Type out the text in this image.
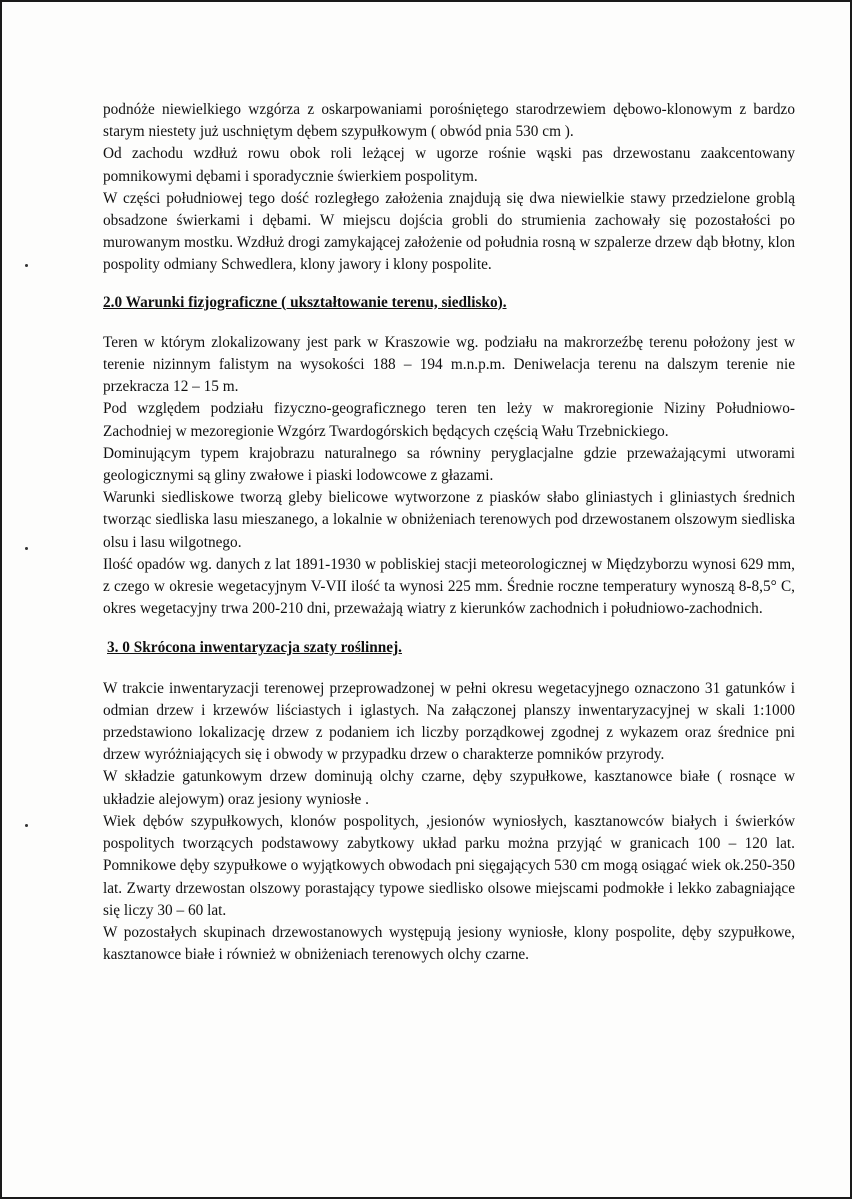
podnóże niewielkiego wzgórza z oskarpowaniami porośniętego starodrzewiem dębowo-klonowym z bardzo starym niestety już uschniętym dębem szypułkowym ( obwód pnia 530 cm ).

Od zachodu wzdłuż rowu obok roli leżącej w ugorze rośnie wąski pas drzewostanu zaakcentowany pomnikowymi dębami i sporadycznie świerkiem pospolitym.

W części południowej tego dość rozległego założenia znajdują się dwa niewielkie stawy przedzielone groblą obsadzone świerkami i dębami. W miejscu dojścia grobli do strumienia zachowały się pozostałości po murowanym mostku. Wzdłuż drogi zamykającej założenie od południa rosną w szpalerze drzew dąb błotny, klon pospolity odmiany Schwedlera, klony jawory i klony pospolite.

2.0 Warunki fizjograficzne ( ukształtowanie terenu, siedlisko).

Teren w którym zlokalizowany jest park w Kraszowie wg. podziału na makrorzeźbę terenu położony jest w terenie nizinnym falistym na wysokości 188 – 194 m.n.p.m. Deniwelacja terenu na dalszym terenie nie przekracza 12 – 15 m.

Pod względem podziału fizyczno-geograficznego teren ten leży w makroregionie Niziny Południowo-Zachodniej w mezoregionie Wzgórz Twardogórskich będących częścią Wału Trzebnickiego.

Dominującym typem krajobrazu naturalnego sa równiny peryglacjalne gdzie przeważającymi utworami geologicznymi są gliny zwałowe i piaski lodowcowe z głazami.

Warunki siedliskowe tworzą gleby bielicowe wytworzone z piasków słabo gliniastych i gliniastych średnich tworząc siedliska lasu mieszanego, a lokalnie w obniżeniach terenowych pod drzewostanem olszowym siedliska olsu i lasu wilgotnego.

Ilość opadów wg. danych z lat 1891-1930 w pobliskiej stacji meteorologicznej w Międzyborzu wynosi 629 mm, z czego w okresie wegetacyjnym V-VII ilość ta wynosi 225 mm. Średnie roczne temperatury wynoszą 8-8,5° C, okres wegetacyjny trwa 200-210 dni, przeważają wiatry z kierunków zachodnich i południowo-zachodnich.

3. 0 Skrócona inwentaryzacja szaty roślinnej.

W trakcie inwentaryzacji terenowej przeprowadzonej w pełni okresu wegetacyjnego oznaczono 31 gatunków i odmian drzew i krzewów liściastych i iglastych. Na załączonej planszy inwentaryzacyjnej w skali 1:1000 przedstawiono lokalizację drzew z podaniem ich liczby porządkowej zgodnej z wykazem oraz średnice pni drzew wyróżniających się i obwody w przypadku drzew o charakterze pomników przyrody.

W składzie gatunkowym drzew dominują olchy czarne, dęby szypułkowe, kasztanowce białe ( rosnące w układzie alejowym) oraz jesiony wyniosłe .

Wiek dębów szypułkowych, klonów pospolitych, ,jesionów wyniosłych, kasztanowców białych i świerków pospolitych tworzących podstawowy zabytkowy układ parku można przyjąć w granicach 100 – 120 lat. Pomnikowe dęby szypułkowe o wyjątkowych obwodach pni sięgających 530 cm mogą osiągać wiek ok.250-350 lat. Zwarty drzewostan olszowy porastający typowe siedlisko olsowe miejscami podmokłe i lekko zabagniające się liczy 30 – 60 lat.

W pozostałych skupinach drzewostanowych występują jesiony wyniosłe, klony pospolite, dęby szypułkowe, kasztanowce białe i również w obniżeniach terenowych olchy czarne.
